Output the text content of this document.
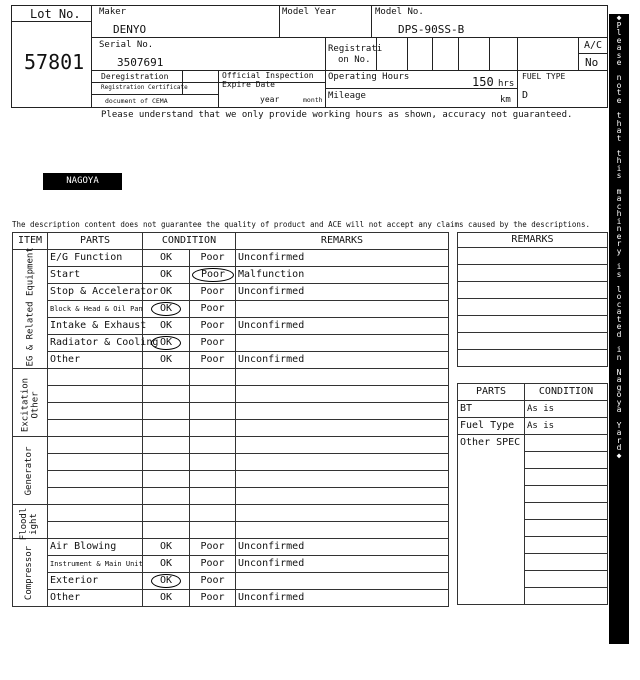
Lot No.
57801
Maker
DENYO
Model Year	Model No.
DPS-90SS-B
Serial No.
3507691
Registrati
on No.
A/C
No
Deregistration
Registration Certificate
document of CEMA
Official Inspection
Expire Date
year	month
Operating Hours	150 hrs
Mileage	km
FUEL TYPE
D
Please understand that we only provide working hours as shown, accuracy not guaranteed.
NAGOYA
The description content does not guarantee the quality of product and ACE will not accept any claims caused by the descriptions.
ITEM	PARTS	CONDITION		REMARKS

EG & Related Equipment	E/G Function	OK	Poor	Unconfirmed
	Start	OK	Poor	Malfunction
	Stop & Accelerator	OK	Poor	Unconfirmed
	Block & Head & Oil Pan	OK	Poor	
	Intake & Exhaust	OK	Poor	Unconfirmed
	Radiator & Cooling	OK	Poor	
	Other	OK	Poor	Unconfirmed

Excitation Other				

Generator				

Floodl ight				

Compressor	Air Blowing	OK	Poor	Unconfirmed
	Instrument & Main Unit	OK	Poor	Unconfirmed
	Exterior	OK	Poor	
	Other	OK	Poor	Unconfirmed
REMARKS

PARTS	CONDITION
BT	As is
Fuel Type	As is
Other SPEC	

◆
P
l
e
a
s
e

n
o
t
e

t
h
a
t

t
h
i
s

m
a
c
h
i
n
e
r
y

i
s

l
o
c
a
t
e
d

i
n

N
a
g
o
y
a

Y
a
r
d
◆
